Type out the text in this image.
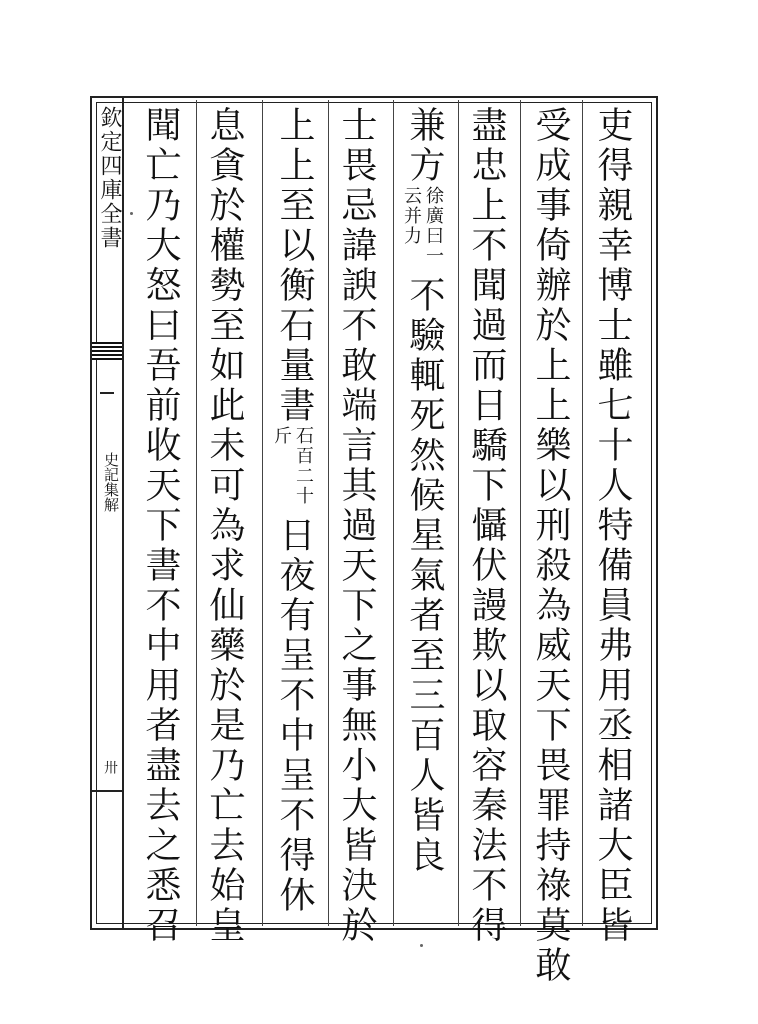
欽定四庫全書
史記集解
卅	吏得親幸博士雖七十人特備員弗用丞相諸大臣皆
受成事倚辦於上上樂以刑殺為威天下畏罪持祿莫敢
盡忠上不聞過而日驕下懾伏謾欺以取容秦法不得
兼方徐廣曰一云并力不驗輒死然候星氣者至三百人皆良
士畏忌諱諛不敢端言其過天下之事無小大皆決於
上上至以衡石量書石百二十斤日夜有呈不中呈不得休
息貪於權勢至如此未可為求仙藥於是乃亡去始皇
聞亡乃大怒曰吾前收天下書不中用者盡去之悉召
